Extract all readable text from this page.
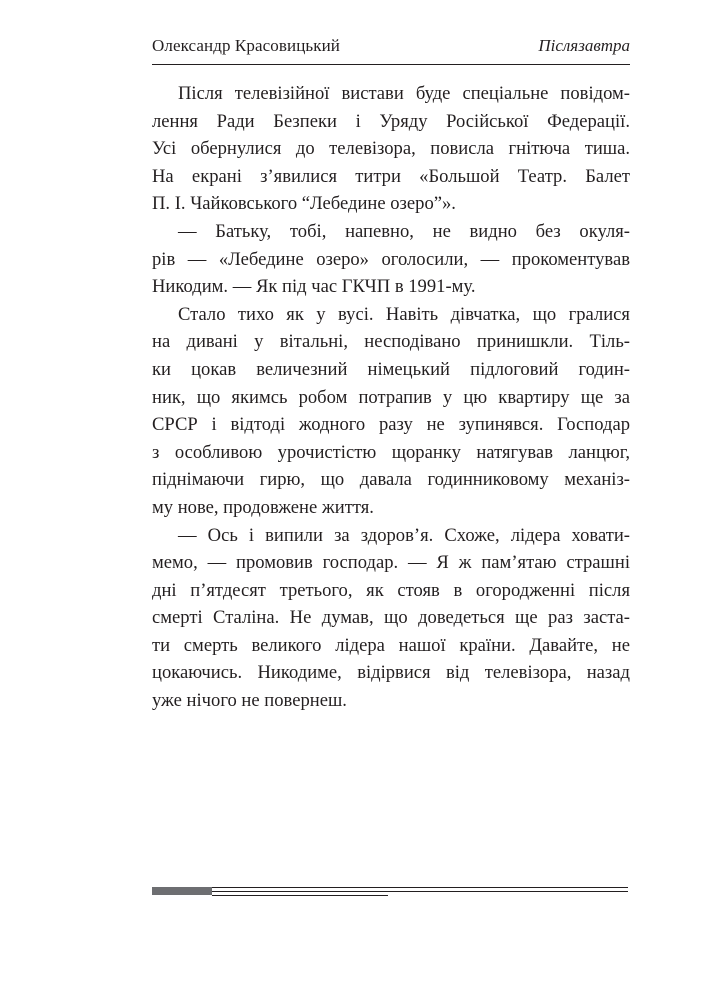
Олександр Красовицький	Післязавтра
Після телевізійної вистави буде спеціальне повідом-
лення Ради Безпеки і Уряду Російської Федерації.
Усі обернулися до телевізора, повисла гнітюча тиша.
На екрані з’явилися титри «Большой Театр. Балет
П. І. Чайковського “Лебедине озеро”».
— Батьку, тобі, напевно, не видно без окуля-
рів — «Лебедине озеро» оголосили, — прокоментував
Никодим. — Як під час ГКЧП в 1991-му.
Стало тихо як у вусі. Навіть дівчатка, що гралися
на дивані у вітальні, несподівано принишкли. Тіль-
ки цокав величезний німецький підлоговий годин-
ник, що якимсь робом потрапив у цю квартиру ще за
СРСР і відтоді жодного разу не зупинявся. Господар
з особливою урочистістю щоранку натягував ланцюг,
піднімаючи гирю, що давала годинниковому механіз-
му нове, продовжене життя.
— Ось і випили за здоров’я. Схоже, лідера ховати-
мемо, — промовив господар. — Я ж пам’ятаю страшні
дні п’ятдесят третього, як стояв в огородженні після
смерті Сталіна. Не думав, що доведеться ще раз заста-
ти смерть великого лідера нашої країни. Давайте, не
цокаючись. Никодиме, відірвися від телевізора, назад
уже нічого не повернеш.
